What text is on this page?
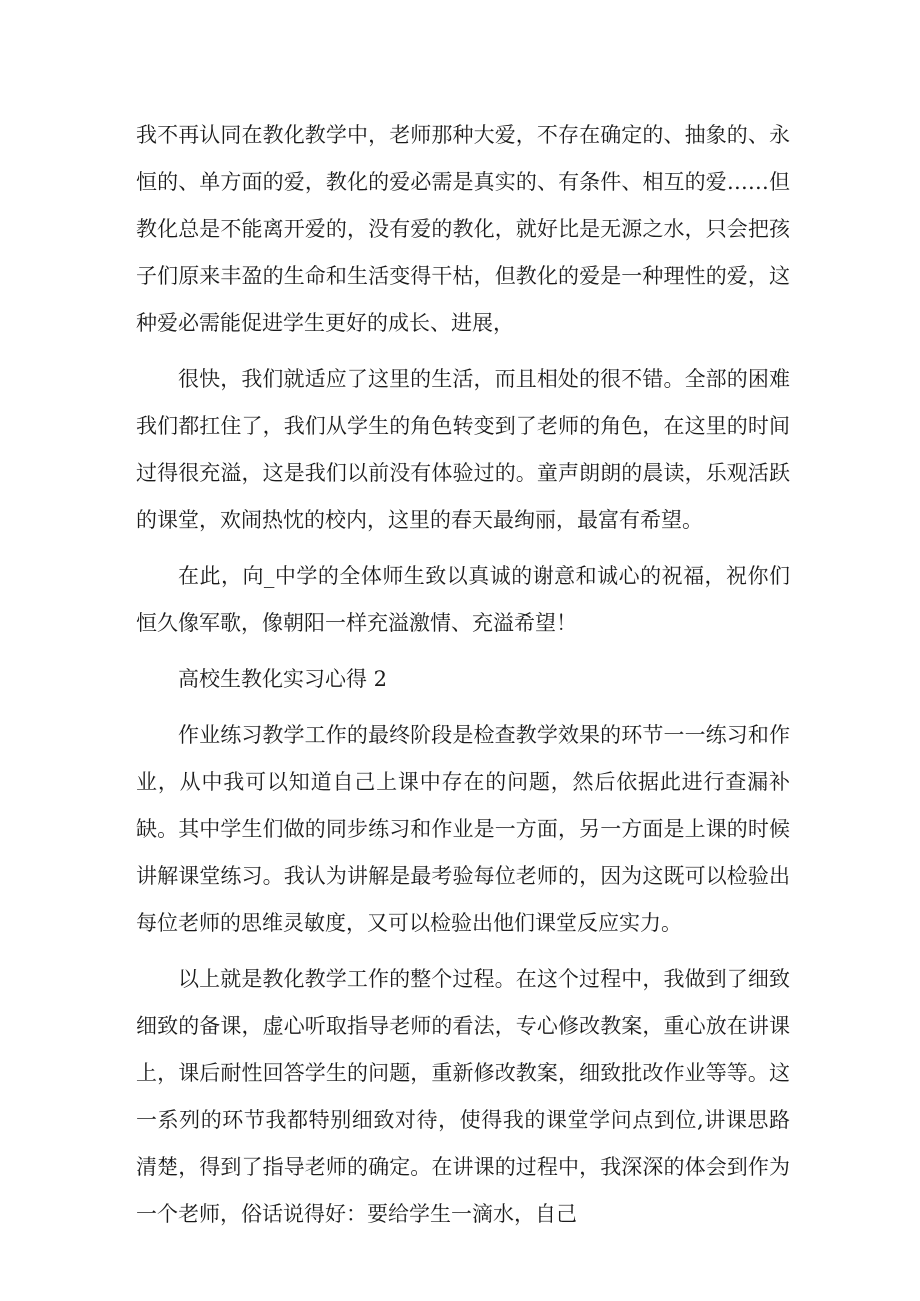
我不再认同在教化教学中，老师那种大爱，不存在确定的、抽象的、永恒的、单方面的爱，教化的爱必需是真实的、有条件、相互的爱……但教化总是不能离开爱的，没有爱的教化，就好比是无源之水，只会把孩子们原来丰盈的生命和生活变得干枯，但教化的爱是一种理性的爱，这种爱必需能促进学生更好的成长、进展，

很快，我们就适应了这里的生活，而且相处的很不错。全部的困难我们都扛住了，我们从学生的角色转变到了老师的角色，在这里的时间过得很充溢，这是我们以前没有体验过的。童声朗朗的晨读，乐观活跃的课堂，欢闹热忱的校内，这里的春天最绚丽，最富有希望。

在此，向_中学的全体师生致以真诚的谢意和诚心的祝福，祝你们恒久像军歌，像朝阳一样充溢激情、充溢希望！

高校生教化实习心得 2

作业练习教学工作的最终阶段是检查教学效果的环节一一练习和作业，从中我可以知道自己上课中存在的问题，然后依据此进行查漏补缺。其中学生们做的同步练习和作业是一方面，另一方面是上课的时候讲解课堂练习。我认为讲解是最考验每位老师的，因为这既可以检验出每位老师的思维灵敏度，又可以检验出他们课堂反应实力。

以上就是教化教学工作的整个过程。在这个过程中，我做到了细致细致的备课，虚心听取指导老师的看法，专心修改教案，重心放在讲课上，课后耐性回答学生的问题，重新修改教案，细致批改作业等等。这一系列的环节我都特别细致对待，使得我的课堂学问点到位,讲课思路清楚，得到了指导老师的确定。在讲课的过程中，我深深的体会到作为一个老师，俗话说得好：要给学生一滴水，自己
